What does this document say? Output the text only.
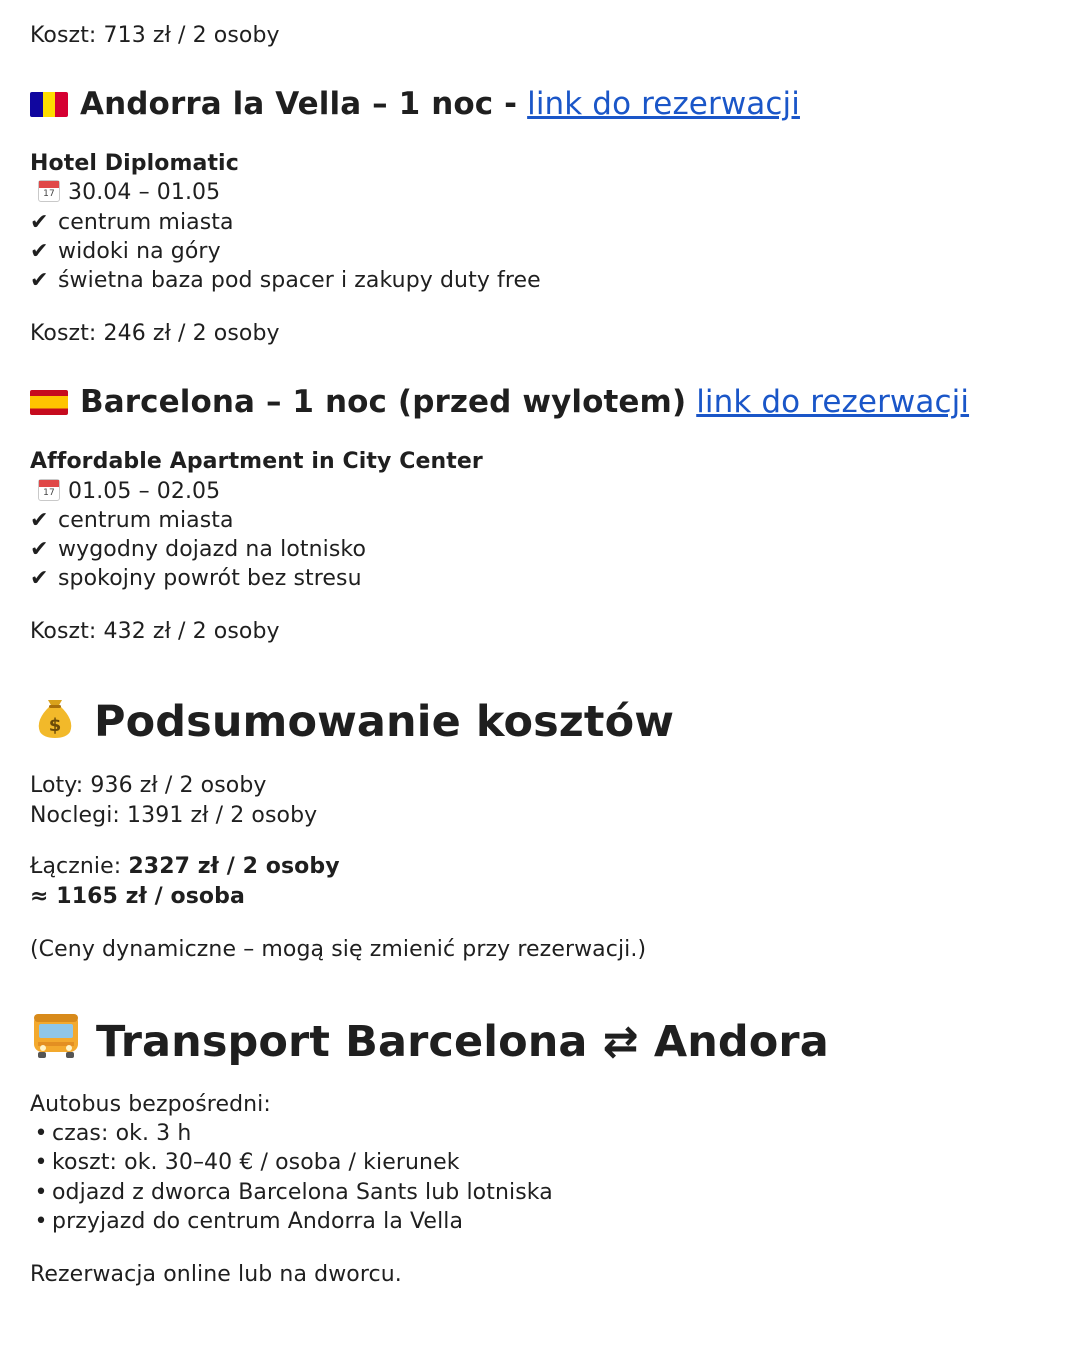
Koszt: 713 zł / 2 osoby
Andorra la Vella – 1 noc - link do rezerwacji
Hotel Diplomatic
1730.04 – 01.05
✔ centrum miasta
✔ widoki na góry
✔ świetna baza pod spacer i zakupy duty free
Koszt: 246 zł / 2 osoby
Barcelona – 1 noc (przed wylotem) link do rezerwacji
Affordable Apartment in City Center
1701.05 – 02.05
✔ centrum miasta
✔ wygodny dojazd na lotnisko
✔ spokojny powrót bez stresu
Koszt: 432 zł / 2 osoby
$ Podsumowanie kosztów
Loty: 936 zł / 2 osoby
Noclegi: 1391 zł / 2 osoby
Łącznie: 2327 zł / 2 osoby
≈ 1165 zł / osoba
(Ceny dynamiczne – mogą się zmienić przy rezerwacji.)
Transport Barcelona ⇄ Andora
Autobus bezpośredni:
• czas: ok. 3 h
• koszt: ok. 30–40 € / osoba / kierunek
• odjazd z dworca Barcelona Sants lub lotniska
• przyjazd do centrum Andorra la Vella
Rezerwacja online lub na dworcu.
